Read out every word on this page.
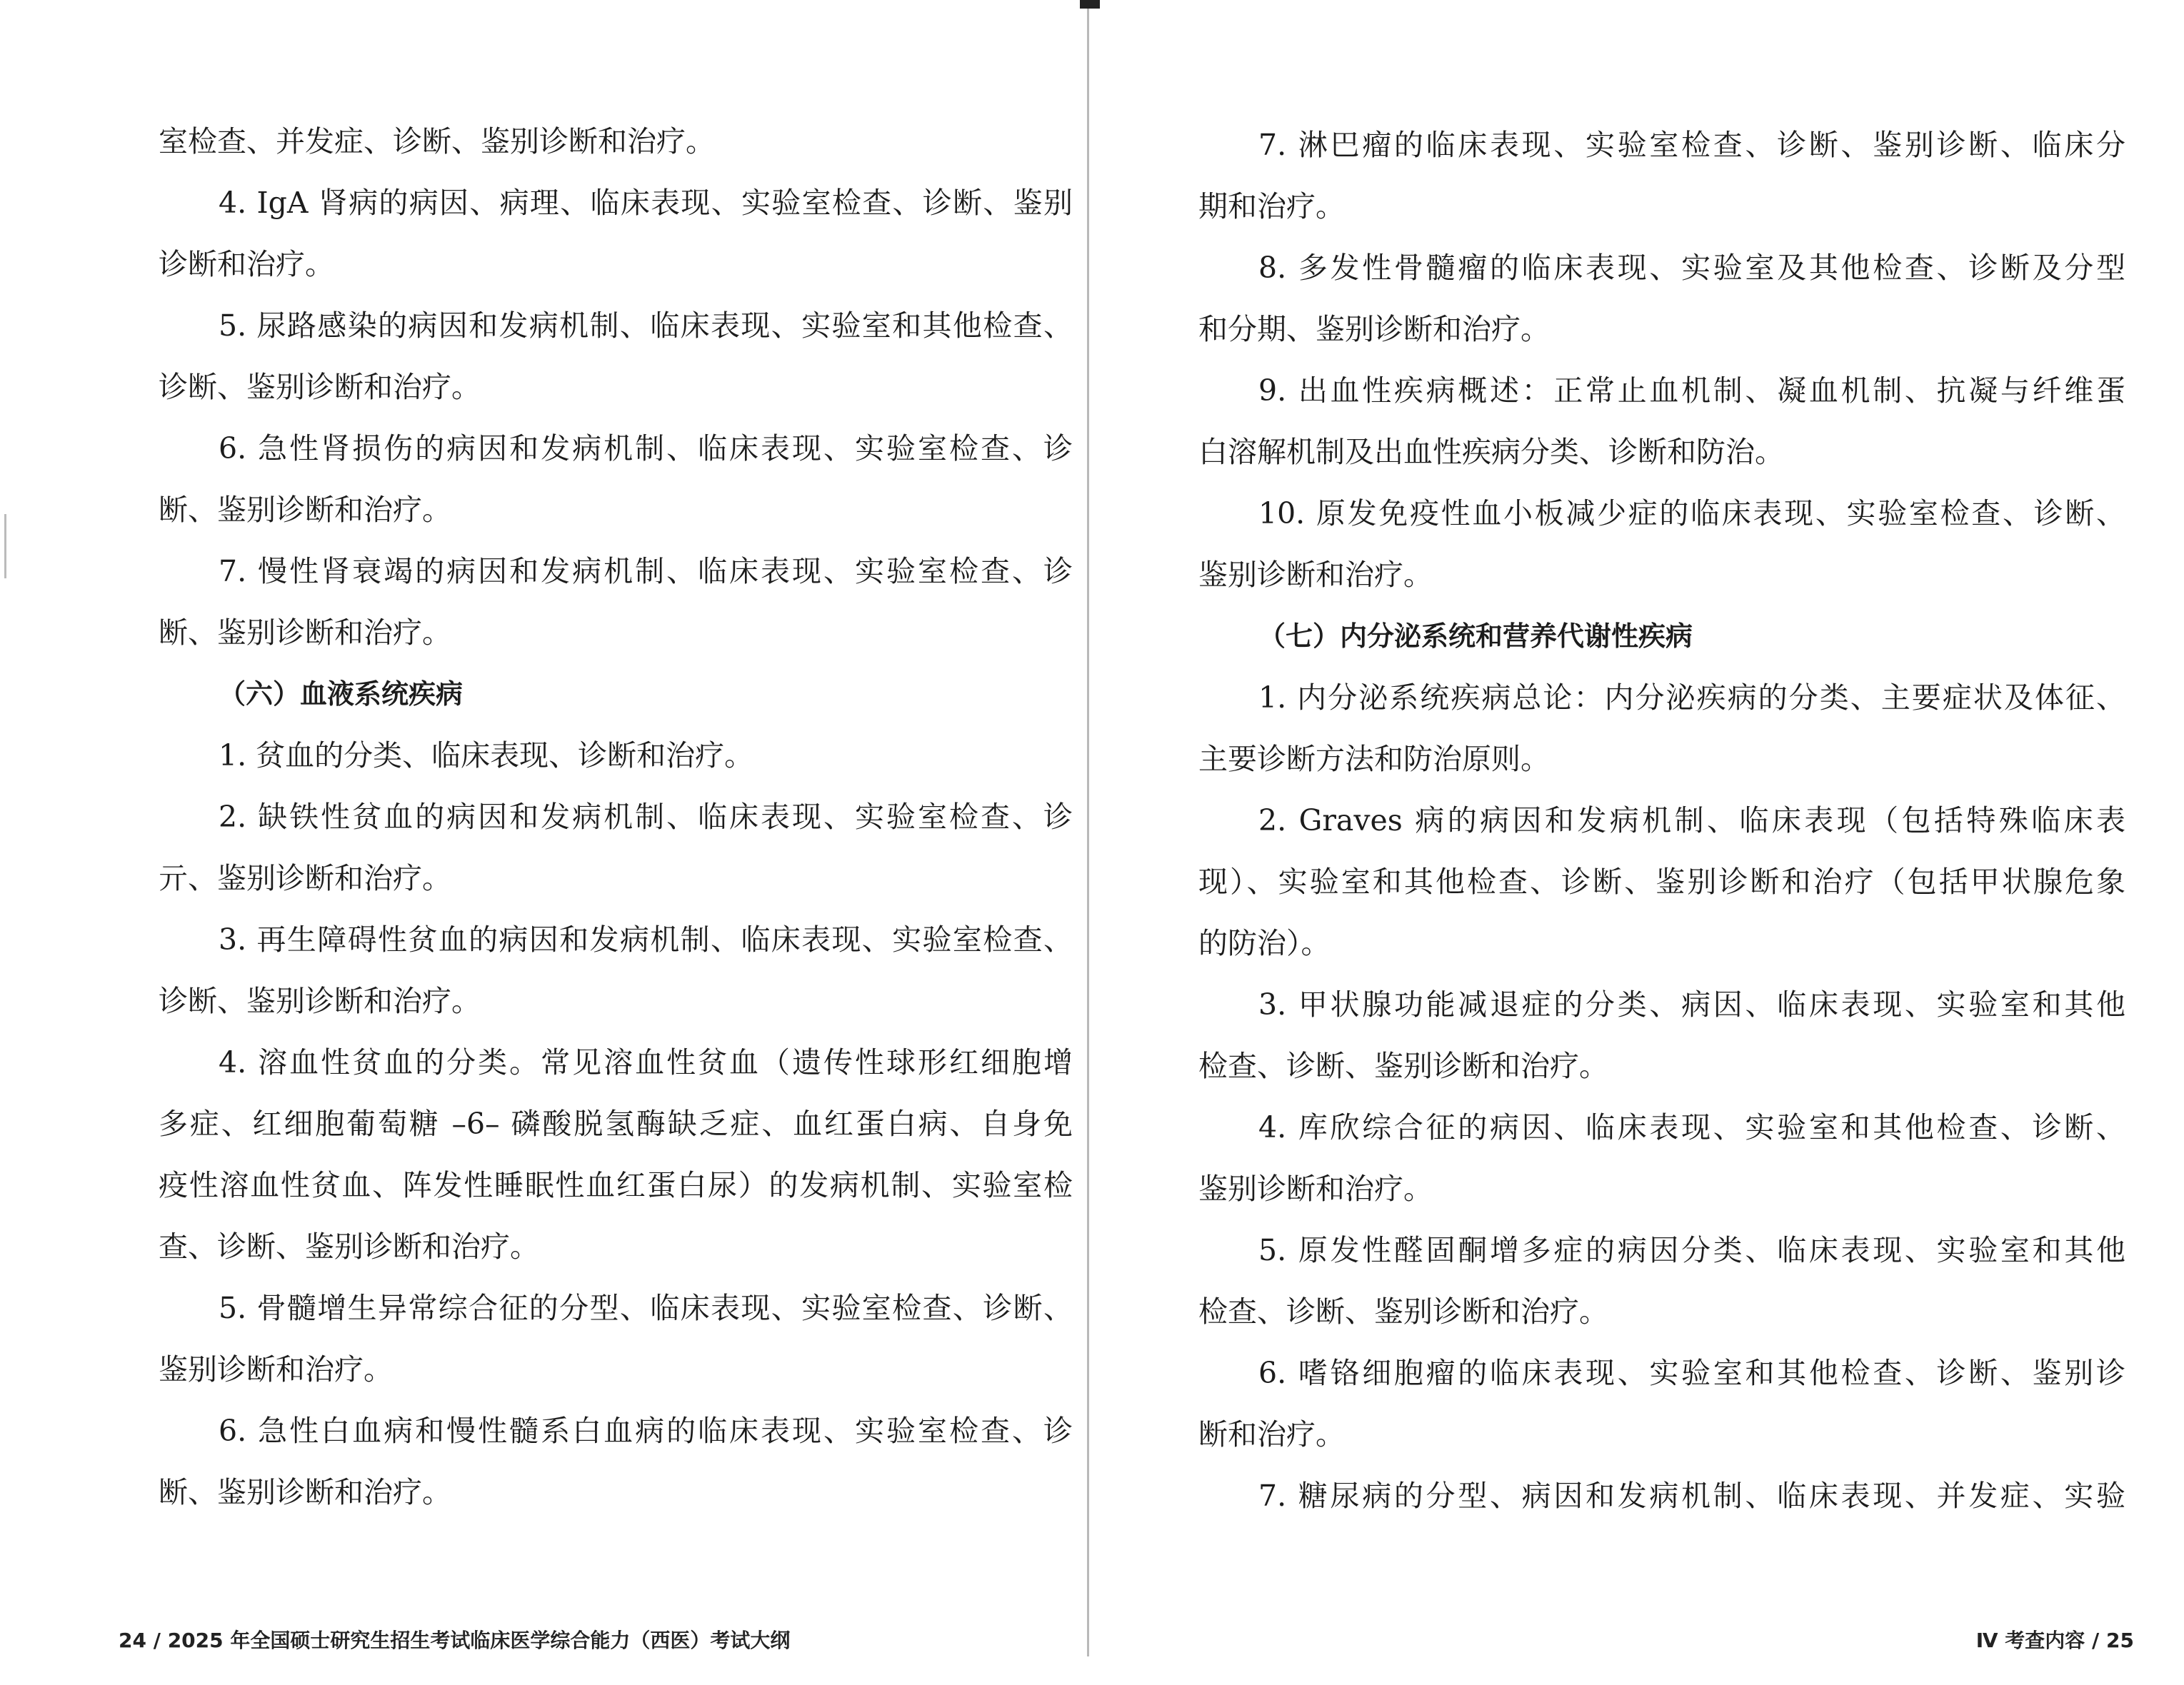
室检查、并发症、诊断、鉴别诊断和治疗。
4. IgA 肾病的病因、病理、临床表现、实验室检查、诊断、鉴别
诊断和治疗。
5. 尿路感染的病因和发病机制、临床表现、实验室和其他检查、
诊断、鉴别诊断和治疗。
6. 急性肾损伤的病因和发病机制、临床表现、实验室检查、诊
断、鉴别诊断和治疗。
7. 慢性肾衰竭的病因和发病机制、临床表现、实验室检查、诊
断、鉴别诊断和治疗。
（六）血液系统疾病
1. 贫血的分类、临床表现、诊断和治疗。
2. 缺铁性贫血的病因和发病机制、临床表现、实验室检查、诊
亓、鉴别诊断和治疗。
3. 再生障碍性贫血的病因和发病机制、临床表现、实验室检查、
诊断、鉴别诊断和治疗。
4. 溶血性贫血的分类。常见溶血性贫血（遗传性球形红细胞增
多症、红细胞葡萄糖 –6– 磷酸脱氢酶缺乏症、血红蛋白病、自身免
疫性溶血性贫血、阵发性睡眠性血红蛋白尿）的发病机制、实验室检
查、诊断、鉴别诊断和治疗。
5. 骨髓增生异常综合征的分型、临床表现、实验室检查、诊断、
鉴别诊断和治疗。
6. 急性白血病和慢性髓系白血病的临床表现、实验室检查、诊
断、鉴别诊断和治疗。
24 / 2025 年全国硕士研究生招生考试临床医学综合能力（西医）考试大纲
7. 淋巴瘤的临床表现、实验室检查、诊断、鉴别诊断、临床分
期和治疗。
8. 多发性骨髓瘤的临床表现、实验室及其他检查、诊断及分型
和分期、鉴别诊断和治疗。
9. 出血性疾病概述：正常止血机制、凝血机制、抗凝与纤维蛋
白溶解机制及出血性疾病分类、诊断和防治。
10. 原发免疫性血小板减少症的临床表现、实验室检查、诊断、
鉴别诊断和治疗。
（七）内分泌系统和营养代谢性疾病
1. 内分泌系统疾病总论：内分泌疾病的分类、主要症状及体征、
主要诊断方法和防治原则。
2. Graves 病的病因和发病机制、临床表现（包括特殊临床表
现）、实验室和其他检查、诊断、鉴别诊断和治疗（包括甲状腺危象
的防治）。
3. 甲状腺功能减退症的分类、病因、临床表现、实验室和其他
检查、诊断、鉴别诊断和治疗。
4. 库欣综合征的病因、临床表现、实验室和其他检查、诊断、
鉴别诊断和治疗。
5. 原发性醛固酮增多症的病因分类、临床表现、实验室和其他
检查、诊断、鉴别诊断和治疗。
6. 嗜铬细胞瘤的临床表现、实验室和其他检查、诊断、鉴别诊
断和治疗。
7. 糖尿病的分型、病因和发病机制、临床表现、并发症、实验
Ⅳ 考查内容 / 25
